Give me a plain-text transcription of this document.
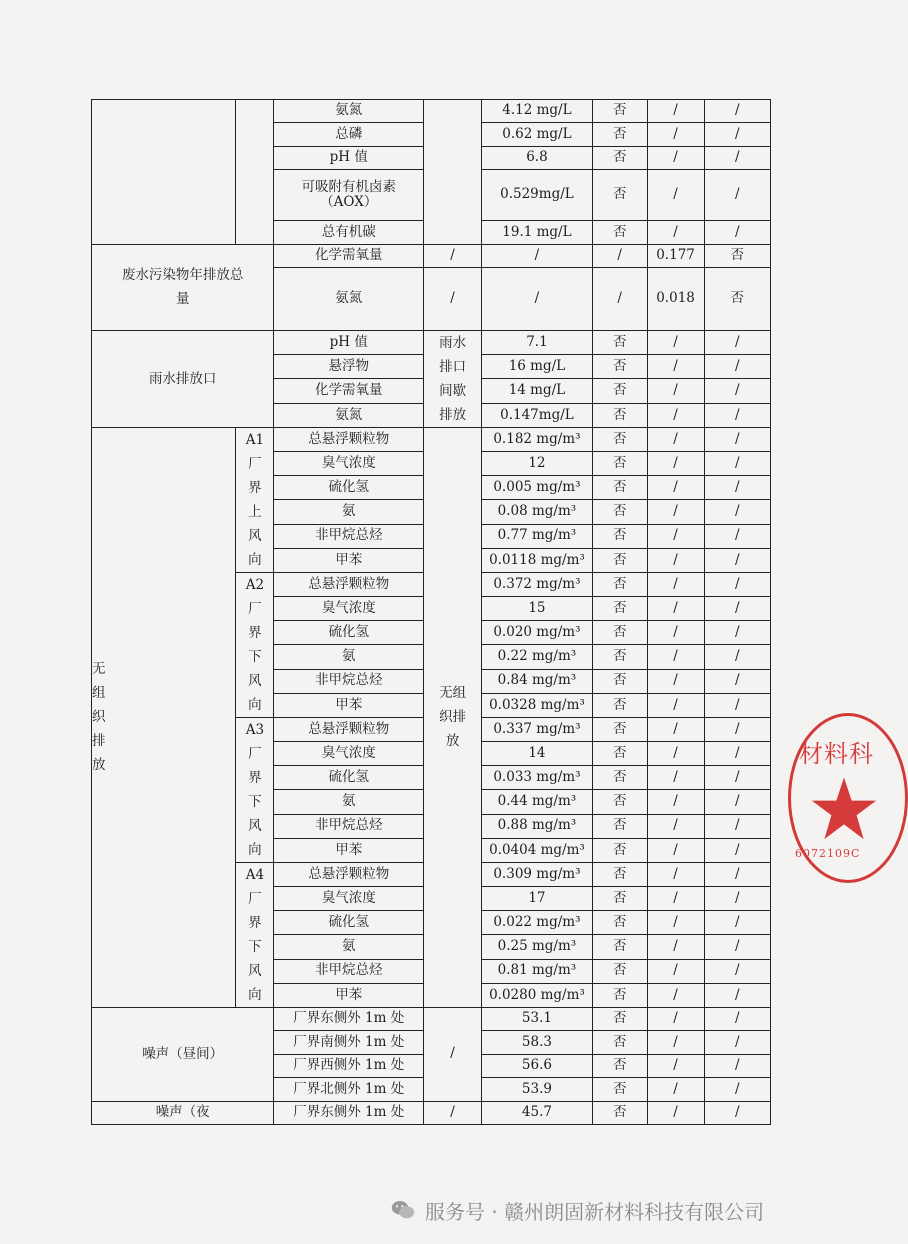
		氨氮		4.12 mg/L	否	/	/
		总磷		0.62 mg/L	否	/	/
		pH 值		6.8	否	/	/
		可吸附有机卤素（AOX）		0.529mg/L	否	/	/
		总有机碳		19.1 mg/L	否	/	/
废水污染物年排放总量		化学需氧量	/	/	/	0.177	否
		氨氮	/	/	/	0.018	否
雨水排放口		pH 值	雨水排口间歇排放	7.1	否	/	/
		悬浮物		16 mg/L	否	/	/
		化学需氧量		14 mg/L	否	/	/
		氨氮		0.147mg/L	否	/	/
无组织排放	A1厂界上风向	总悬浮颗粒物	无组织排放	0.182 mg/m³	否	/	/
		臭气浓度		12	否	/	/
		硫化氢		0.005 mg/m³	否	/	/
		氨		0.08 mg/m³	否	/	/
		非甲烷总烃		0.77 mg/m³	否	/	/
		甲苯		0.0118 mg/m³	否	/	/
	A2厂界下风向	总悬浮颗粒物		0.372 mg/m³	否	/	/
		臭气浓度		15	否	/	/
		硫化氢		0.020 mg/m³	否	/	/
		氨		0.22 mg/m³	否	/	/
		非甲烷总烃		0.84 mg/m³	否	/	/
		甲苯		0.0328 mg/m³	否	/	/
	A3厂界下风向	总悬浮颗粒物		0.337 mg/m³	否	/	/
		臭气浓度		14	否	/	/
		硫化氢		0.033 mg/m³	否	/	/
		氨		0.44 mg/m³	否	/	/
		非甲烷总烃		0.88 mg/m³	否	/	/
		甲苯		0.0404 mg/m³	否	/	/
	A4厂界下风向	总悬浮颗粒物		0.309 mg/m³	否	/	/
		臭气浓度		17	否	/	/
		硫化氢		0.022 mg/m³	否	/	/
		氨		0.25 mg/m³	否	/	/
		非甲烷总烃		0.81 mg/m³	否	/	/
		甲苯		0.0280 mg/m³	否	/	/
噪声（昼间）		厂界东侧外 1m 处	/	53.1	否	/	/
		厂界南侧外 1m 处		58.3	否	/	/
		厂界西侧外 1m 处		56.6	否	/	/
		厂界北侧外 1m 处		53.9	否	/	/
噪声（夜		厂界东侧外 1m 处	/	45.7	否	/	/
材料科
6072109C
服务号 · 赣州朗固新材料科技有限公司
